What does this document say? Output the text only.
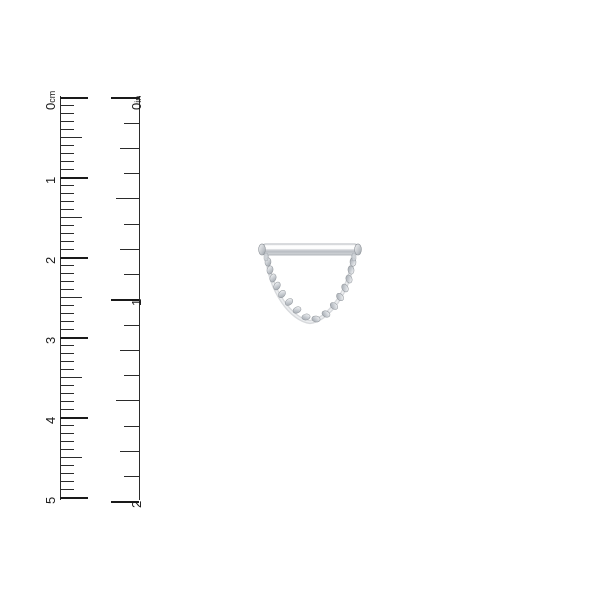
0cm
1
2
3
4
5
0in
1
2
